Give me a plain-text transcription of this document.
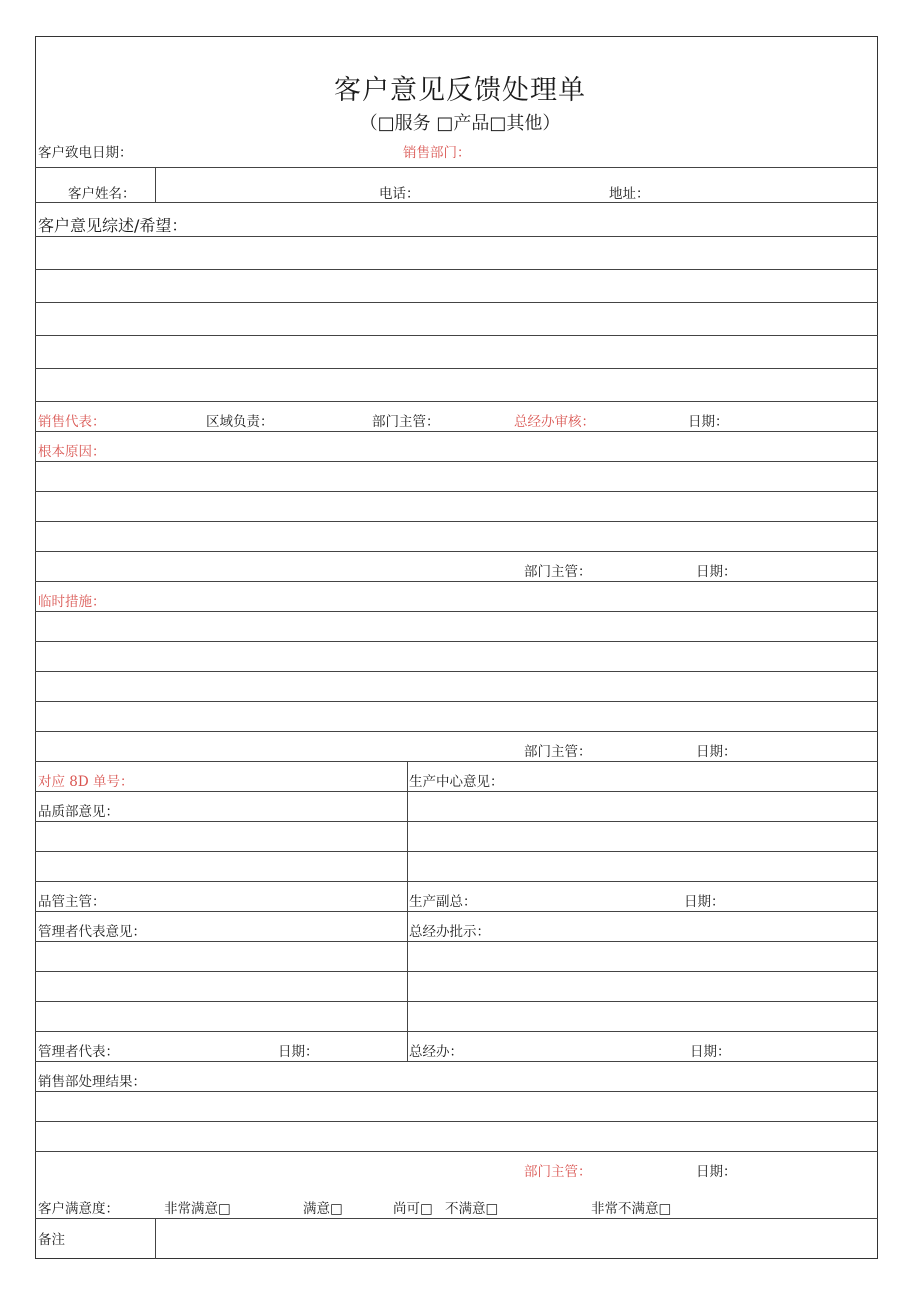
客户意见反馈处理单
（□服务 □产品□其他）
客户致电日期：	销售部门：
客户姓名：	电话：	地址：
客户意见综述/希望：
销售代表：	区域负责：	部门主管：	总经办审核：	日期：
根本原因：
部门主管：	日期：
临时措施：
部门主管：	日期：
对应 8D 单号：	生产中心意见：
品质部意见：
品管主管：	生产副总：	日期：
管理者代表意见：	总经办批示：
管理者代表：	日期：	总经办：	日期：
销售部处理结果：
部门主管：	日期：
客户满意度：	非常满意□	满意□	尚可□ 不满意□	非常不满意□
备注
